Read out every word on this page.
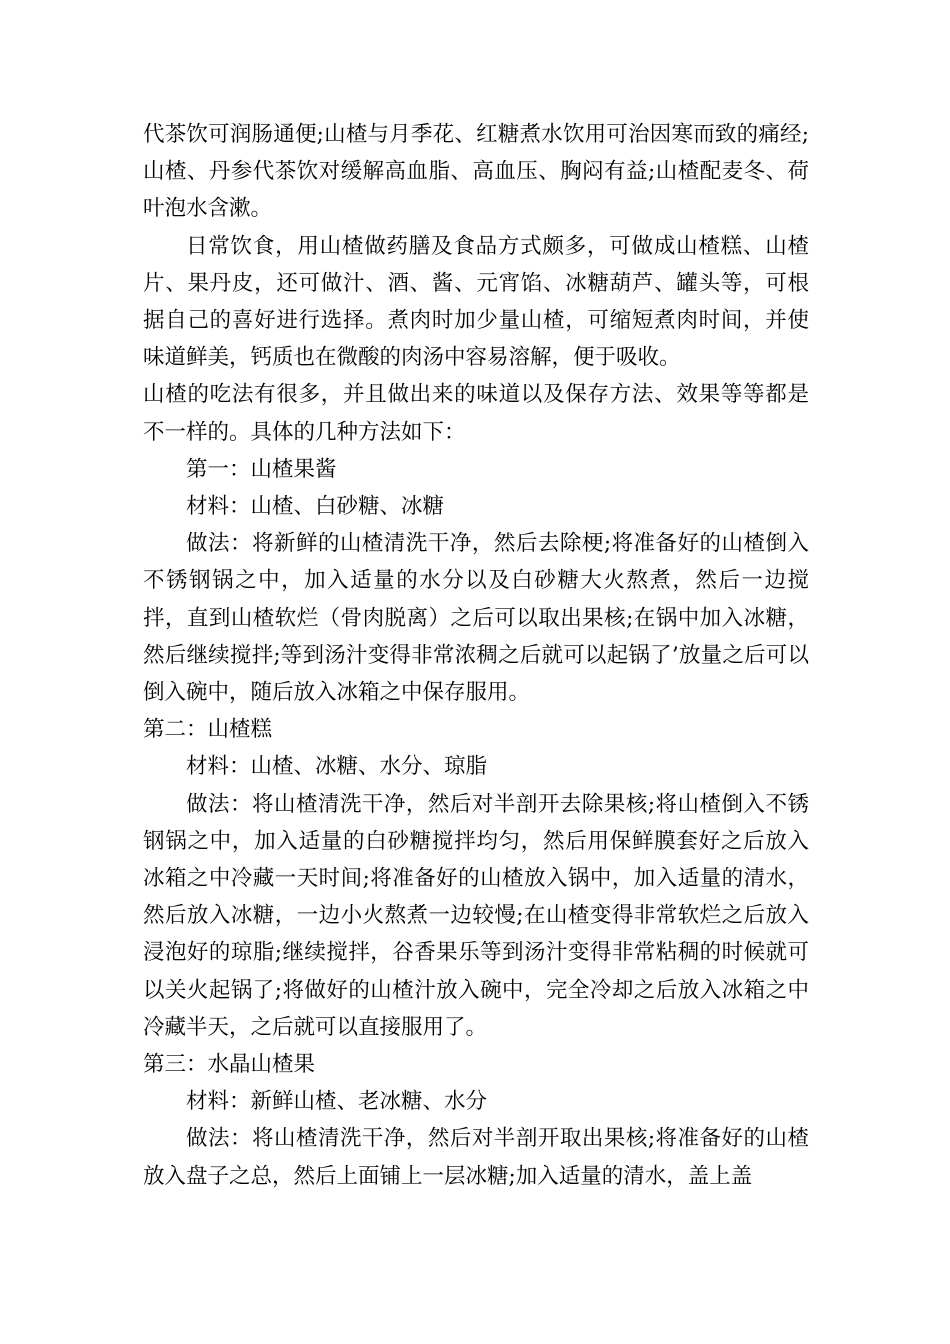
代茶饮可润肠通便;山楂与月季花、红糖煮水饮用可治因寒而致的痛经;山楂、丹参代茶饮对缓解高血脂、高血压、胸闷有益;山楂配麦冬、荷叶泡水含漱。

日常饮食，用山楂做药膳及食品方式颇多，可做成山楂糕、山楂片、果丹皮，还可做汁、酒、酱、元宵馅、冰糖葫芦、罐头等，可根据自己的喜好进行选择。煮肉时加少量山楂，可缩短煮肉时间，并使味道鲜美，钙质也在微酸的肉汤中容易溶解，便于吸收。

山楂的吃法有很多，并且做出来的味道以及保存方法、效果等等都是不一样的。具体的几种方法如下：

第一：山楂果酱

材料：山楂、白砂糖、冰糖

做法：将新鲜的山楂清洗干净，然后去除梗;将准备好的山楂倒入不锈钢锅之中，加入适量的水分以及白砂糖大火熬煮，然后一边搅拌，直到山楂软烂（骨肉脱离）之后可以取出果核;在锅中加入冰糖，然后继续搅拌;等到汤汁变得非常浓稠之后就可以起锅了’放量之后可以倒入碗中，随后放入冰箱之中保存服用。

第二：山楂糕

材料：山楂、冰糖、水分、琼脂

做法：将山楂清洗干净，然后对半剖开去除果核;将山楂倒入不锈钢锅之中，加入适量的白砂糖搅拌均匀，然后用保鲜膜套好之后放入冰箱之中冷藏一天时间;将准备好的山楂放入锅中，加入适量的清水，然后放入冰糖，一边小火熬煮一边较慢;在山楂变得非常软烂之后放入浸泡好的琼脂;继续搅拌，谷香果乐等到汤汁变得非常粘稠的时候就可以关火起锅了;将做好的山楂汁放入碗中，完全冷却之后放入冰箱之中冷藏半天，之后就可以直接服用了。

第三：水晶山楂果

材料：新鲜山楂、老冰糖、水分

做法：将山楂清洗干净，然后对半剖开取出果核;将准备好的山楂放入盘子之总，然后上面铺上一层冰糖;加入适量的清水，盖上盖
